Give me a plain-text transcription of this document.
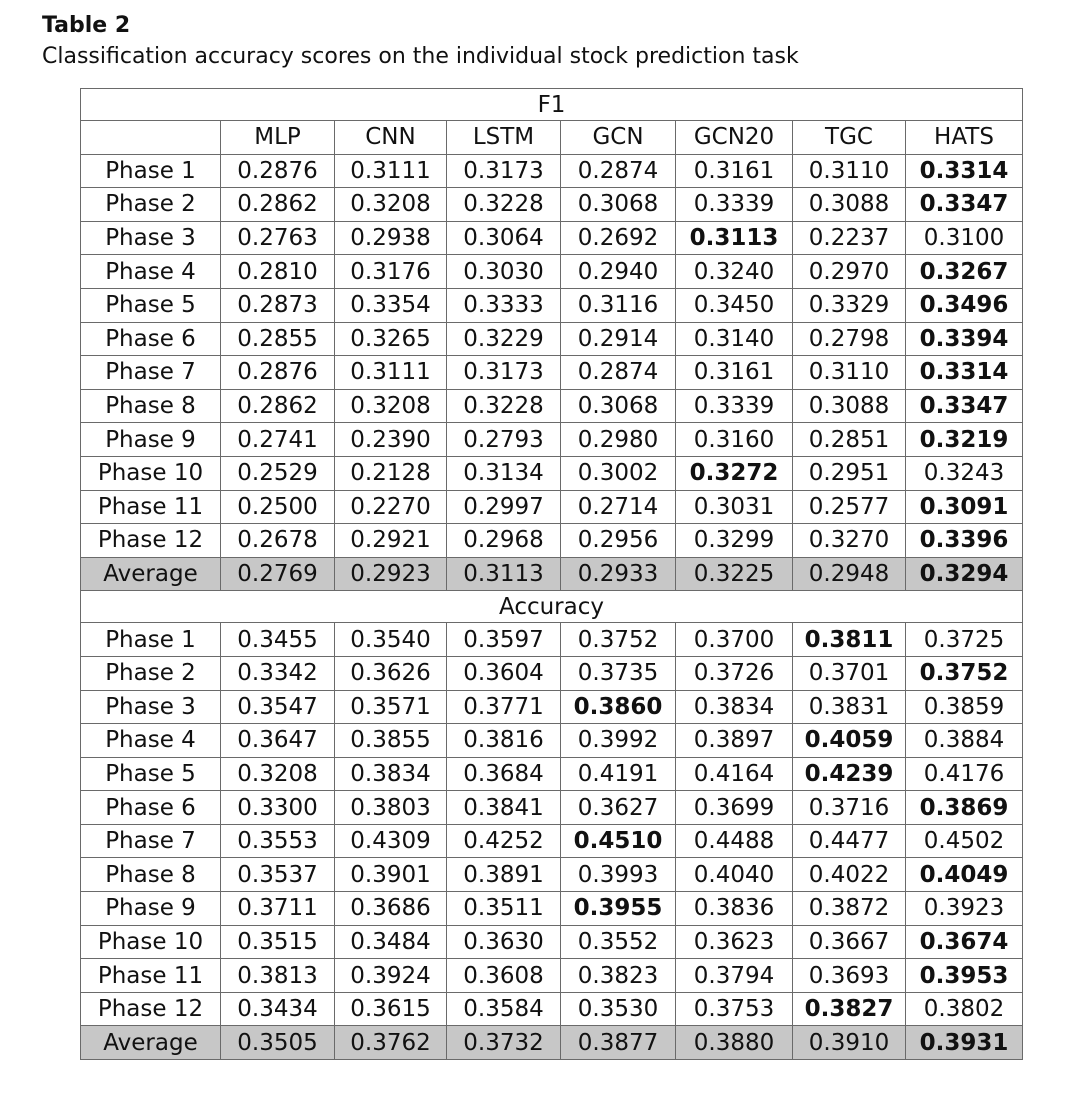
Table 2
Classification accuracy scores on the individual stock prediction task
F1							
	MLP	CNN	LSTM	GCN	GCN20	TGC	HATS
Phase 1	0.2876	0.3111	0.3173	0.2874	0.3161	0.3110	0.3314
Phase 2	0.2862	0.3208	0.3228	0.3068	0.3339	0.3088	0.3347
Phase 3	0.2763	0.2938	0.3064	0.2692	0.3113	0.2237	0.3100
Phase 4	0.2810	0.3176	0.3030	0.2940	0.3240	0.2970	0.3267
Phase 5	0.2873	0.3354	0.3333	0.3116	0.3450	0.3329	0.3496
Phase 6	0.2855	0.3265	0.3229	0.2914	0.3140	0.2798	0.3394
Phase 7	0.2876	0.3111	0.3173	0.2874	0.3161	0.3110	0.3314
Phase 8	0.2862	0.3208	0.3228	0.3068	0.3339	0.3088	0.3347
Phase 9	0.2741	0.2390	0.2793	0.2980	0.3160	0.2851	0.3219
Phase 10	0.2529	0.2128	0.3134	0.3002	0.3272	0.2951	0.3243
Phase 11	0.2500	0.2270	0.2997	0.2714	0.3031	0.2577	0.3091
Phase 12	0.2678	0.2921	0.2968	0.2956	0.3299	0.3270	0.3396
Average	0.2769	0.2923	0.3113	0.2933	0.3225	0.2948	0.3294
Accuracy							
Phase 1	0.3455	0.3540	0.3597	0.3752	0.3700	0.3811	0.3725
Phase 2	0.3342	0.3626	0.3604	0.3735	0.3726	0.3701	0.3752
Phase 3	0.3547	0.3571	0.3771	0.3860	0.3834	0.3831	0.3859
Phase 4	0.3647	0.3855	0.3816	0.3992	0.3897	0.4059	0.3884
Phase 5	0.3208	0.3834	0.3684	0.4191	0.4164	0.4239	0.4176
Phase 6	0.3300	0.3803	0.3841	0.3627	0.3699	0.3716	0.3869
Phase 7	0.3553	0.4309	0.4252	0.4510	0.4488	0.4477	0.4502
Phase 8	0.3537	0.3901	0.3891	0.3993	0.4040	0.4022	0.4049
Phase 9	0.3711	0.3686	0.3511	0.3955	0.3836	0.3872	0.3923
Phase 10	0.3515	0.3484	0.3630	0.3552	0.3623	0.3667	0.3674
Phase 11	0.3813	0.3924	0.3608	0.3823	0.3794	0.3693	0.3953
Phase 12	0.3434	0.3615	0.3584	0.3530	0.3753	0.3827	0.3802
Average	0.3505	0.3762	0.3732	0.3877	0.3880	0.3910	0.3931
